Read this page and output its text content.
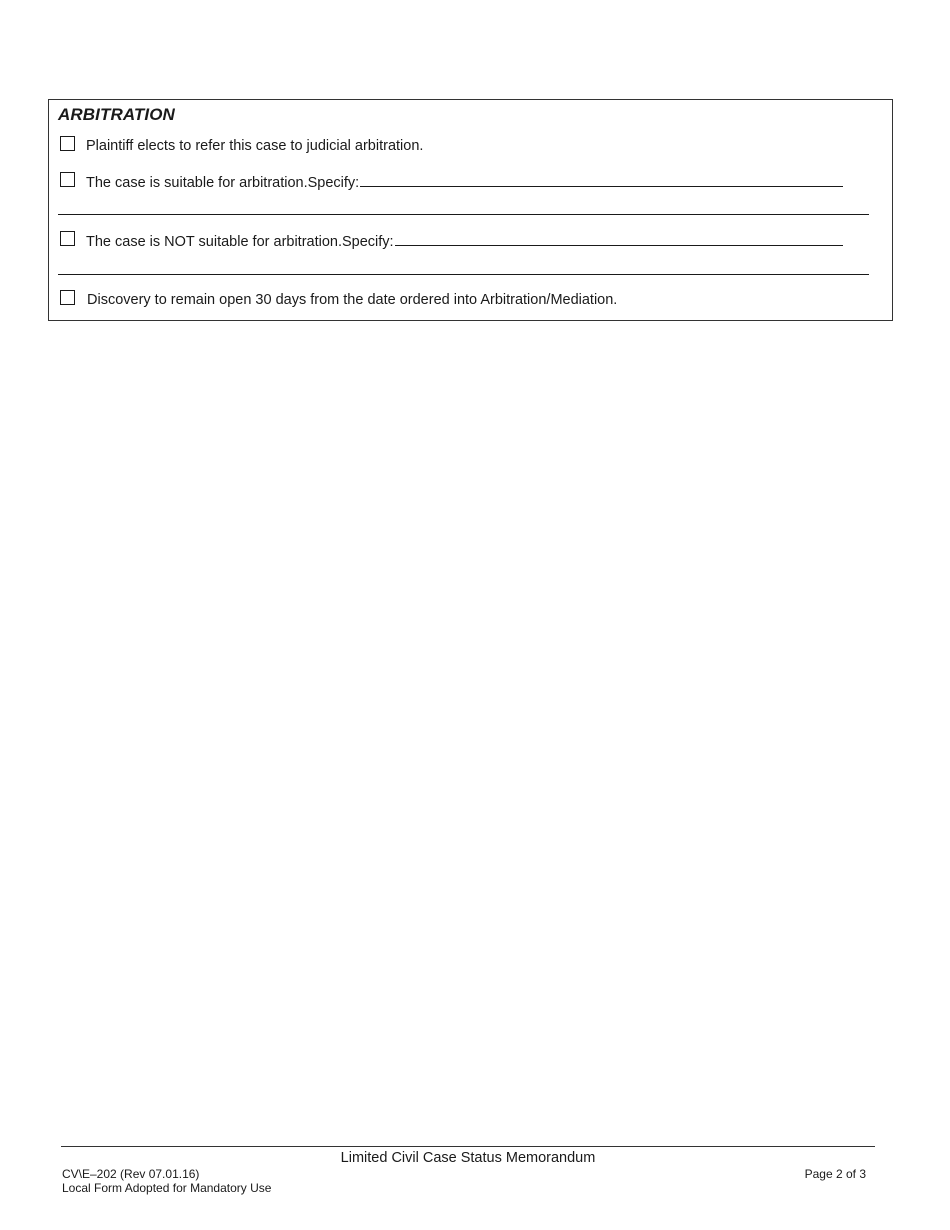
ARBITRATION
Plaintiff elects to refer this case to judicial arbitration.
The case is suitable for arbitration.Specify:
The case is NOT suitable for arbitration.Specify:
Discovery to remain open 30 days from the date ordered into Arbitration/Mediation.
Limited Civil Case Status Memorandum
CV\E–202 (Rev 07.01.16)
Local Form Adopted for Mandatory Use
Page 2 of 3
